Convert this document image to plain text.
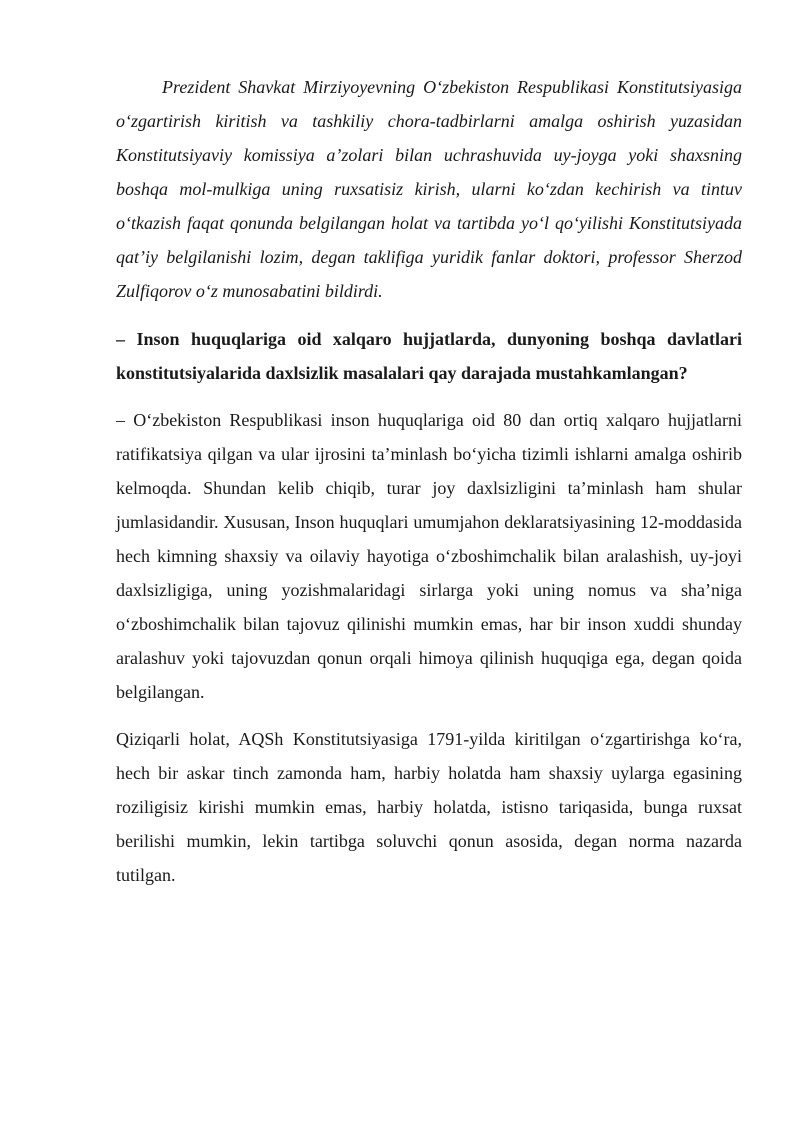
Prezident Shavkat Mirziyoyevning O‘zbekiston Respublikasi Konstitutsiyasiga o‘zgartirish kiritish va tashkiliy chora-tadbirlarni amalga oshirish yuzasidan Konstitutsiyaviy komissiya a’zolari bilan uchrashuvida uy-joyga yoki shaxsning boshqa mol-mulkiga uning ruxsatisiz kirish, ularni ko‘zdan kechirish va tintuv o‘tkazish faqat qonunda belgilangan holat va tartibda yo‘l qo‘yilishi Konstitutsiyada qat’iy belgilanishi lozim, degan taklifiga yuridik fanlar doktori, professor Sherzod Zulfiqorov o‘z munosabatini bildirdi.

– Inson huquqlariga oid xalqaro hujjatlarda, dunyoning boshqa davlatlari konstitutsiyalarida daxlsizlik masalalari qay darajada mustahkamlangan?

– O‘zbekiston Respublikasi inson huquqlariga oid 80 dan ortiq xalqaro hujjatlarni ratifikatsiya qilgan va ular ijrosini ta’minlash bo‘yicha tizimli ishlarni amalga oshirib kelmoqda. Shundan kelib chiqib, turar joy daxlsizligini ta’minlash ham shular jumlasidandir. Xususan, Inson huquqlari umumjahon deklaratsiyasining 12-moddasida hech kimning shaxsiy va oilaviy hayotiga o‘zboshimchalik bilan aralashish, uy-joyi daxlsizligiga, uning yozishmalaridagi sirlarga yoki uning nomus va sha’niga o‘zboshimchalik bilan tajovuz qilinishi mumkin emas, har bir inson xuddi shunday aralashuv yoki tajovuzdan qonun orqali himoya qilinish huquqiga ega, degan qoida belgilangan.

Qiziqarli holat, AQSh Konstitutsiyasiga 1791-yilda kiritilgan o‘zgartirishga ko‘ra, hech bir askar tinch zamonda ham, harbiy holatda ham shaxsiy uylarga egasining roziligisiz kirishi mumkin emas, harbiy holatda, istisno tariqasida, bunga ruxsat berilishi mumkin, lekin tartibga soluvchi qonun asosida, degan norma nazarda tutilgan.
